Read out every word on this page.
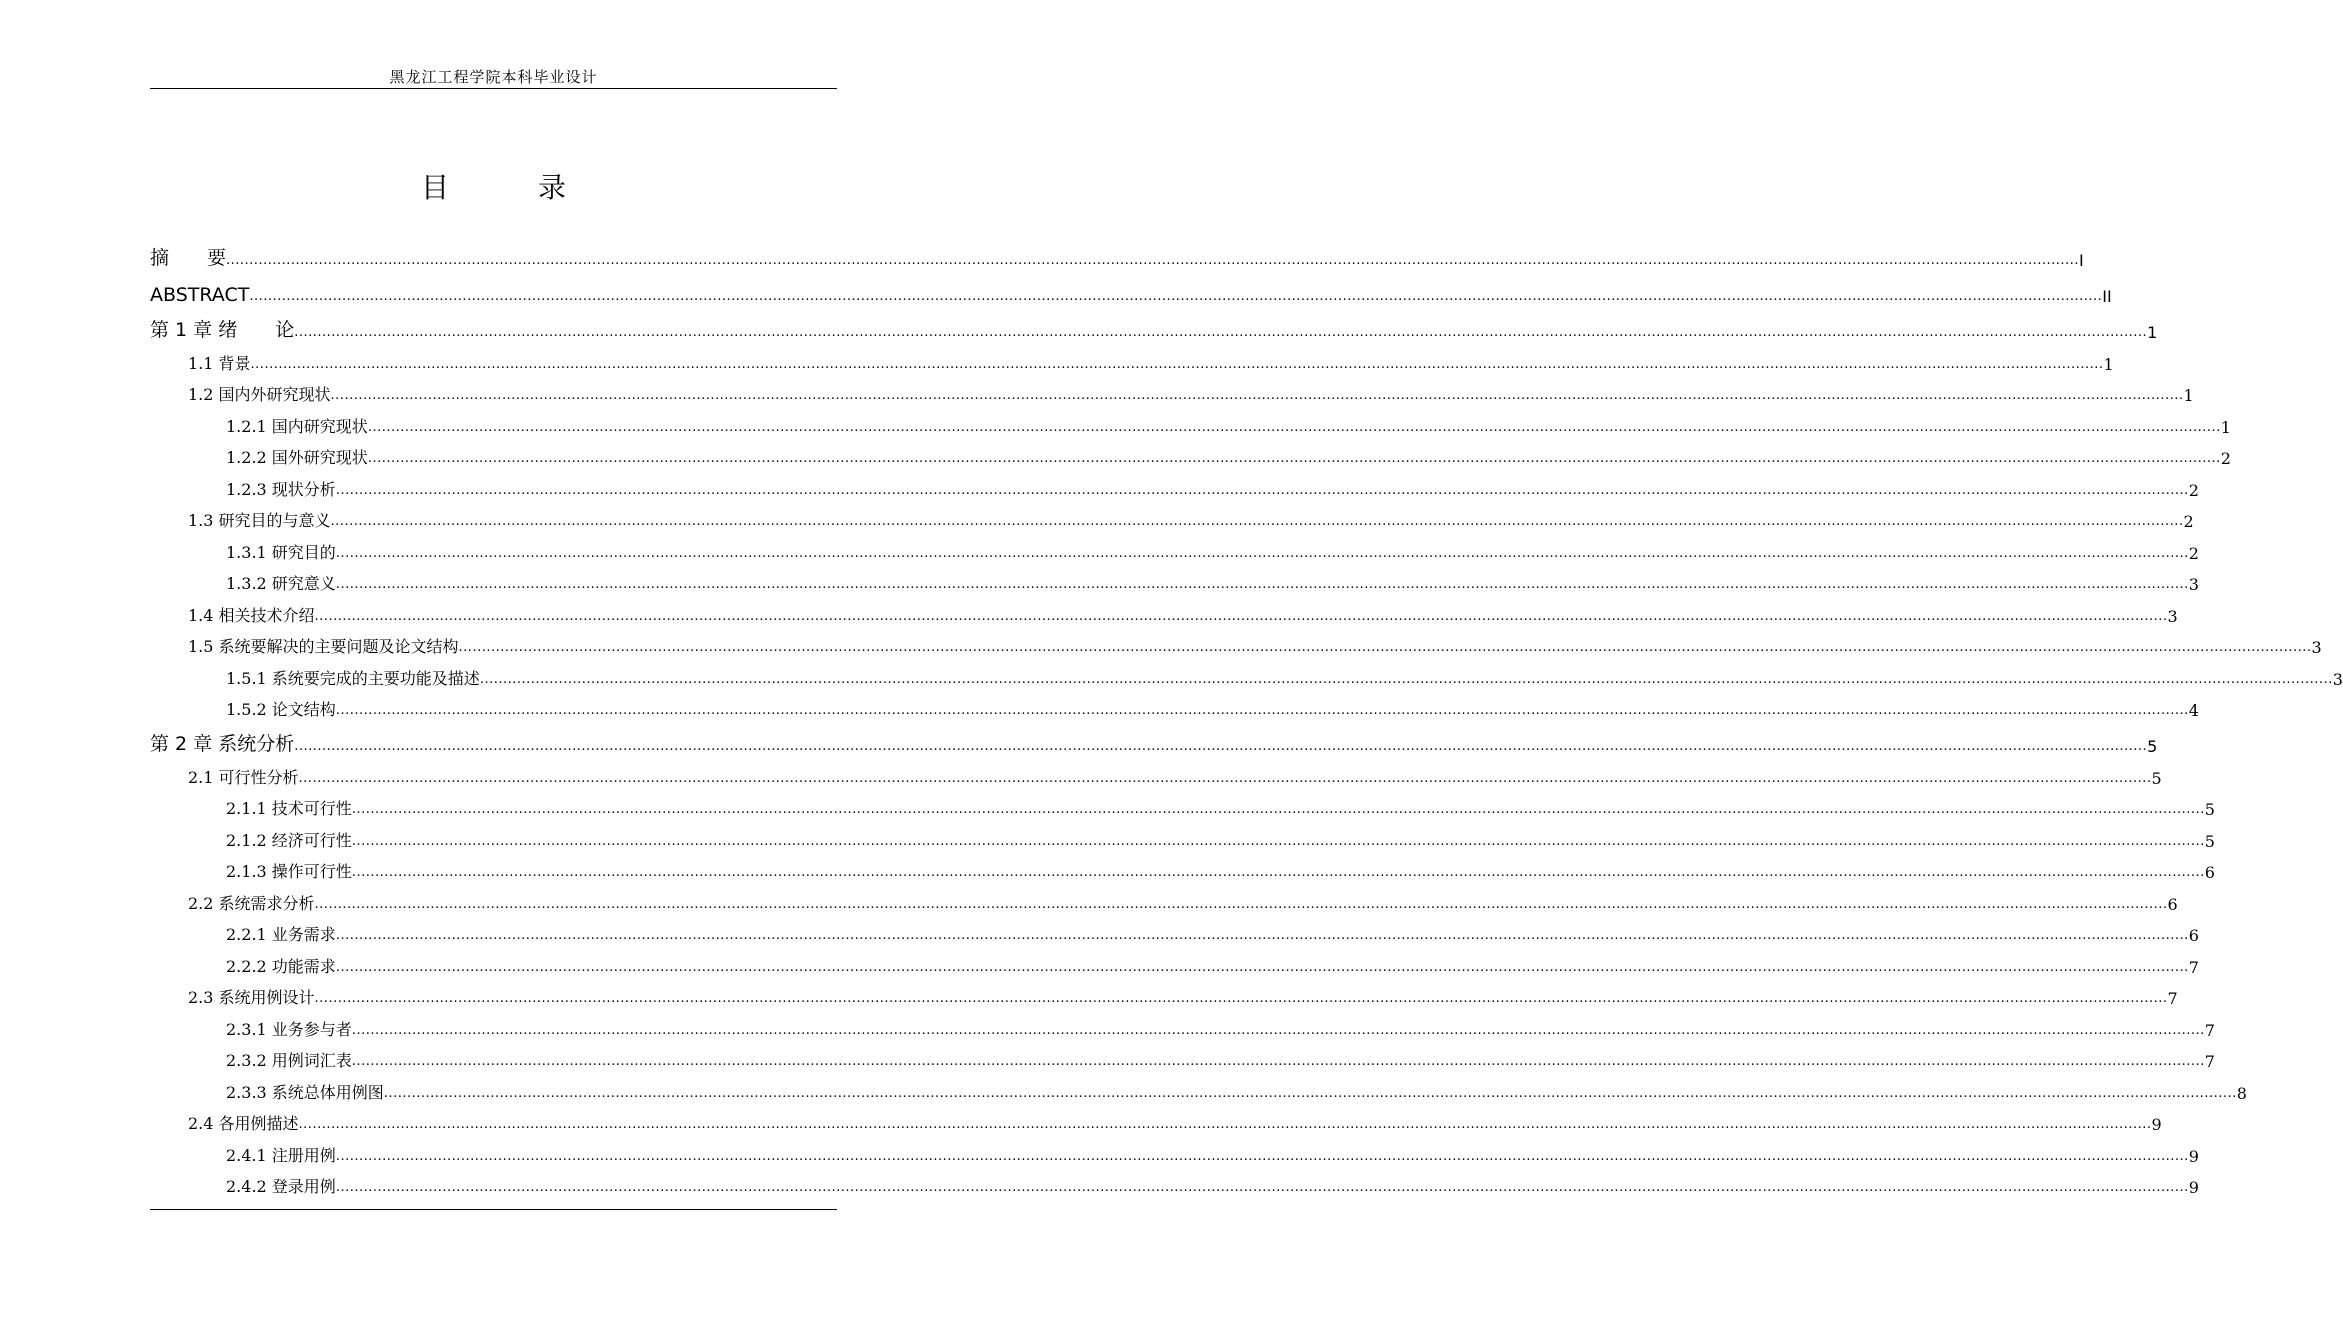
黑龙江工程学院本科毕业设计
目 录
摘　　要 ................................................................................................................................................................................................................................................................................................................................................................................................................ I
ABSTRACT ................................................................................................................................................................................................................................................................................................................................................................................................................ II
第 1 章 绪　　论 ................................................................................................................................................................................................................................................................................................................................................................................................................ 1
1.1 背景 ................................................................................................................................................................................................................................................................................................................................................................................................................ 1
1.2 国内外研究现状 ................................................................................................................................................................................................................................................................................................................................................................................................................ 1
1.2.1 国内研究现状 ................................................................................................................................................................................................................................................................................................................................................................................................................ 1
1.2.2 国外研究现状 ................................................................................................................................................................................................................................................................................................................................................................................................................ 2
1.2.3 现状分析 ................................................................................................................................................................................................................................................................................................................................................................................................................ 2
1.3 研究目的与意义 ................................................................................................................................................................................................................................................................................................................................................................................................................ 2
1.3.1 研究目的 ................................................................................................................................................................................................................................................................................................................................................................................................................ 2
1.3.2 研究意义 ................................................................................................................................................................................................................................................................................................................................................................................................................ 3
1.4 相关技术介绍 ................................................................................................................................................................................................................................................................................................................................................................................................................ 3
1.5 系统要解决的主要问题及论文结构 ................................................................................................................................................................................................................................................................................................................................................................................................................ 3
1.5.1 系统要完成的主要功能及描述 ................................................................................................................................................................................................................................................................................................................................................................................................................ 3
1.5.2 论文结构 ................................................................................................................................................................................................................................................................................................................................................................................................................ 4
第 2 章 系统分析 ................................................................................................................................................................................................................................................................................................................................................................................................................ 5
2.1 可行性分析 ................................................................................................................................................................................................................................................................................................................................................................................................................ 5
2.1.1 技术可行性 ................................................................................................................................................................................................................................................................................................................................................................................................................ 5
2.1.2 经济可行性 ................................................................................................................................................................................................................................................................................................................................................................................................................ 5
2.1.3 操作可行性 ................................................................................................................................................................................................................................................................................................................................................................................................................ 6
2.2 系统需求分析 ................................................................................................................................................................................................................................................................................................................................................................................................................ 6
2.2.1 业务需求 ................................................................................................................................................................................................................................................................................................................................................................................................................ 6
2.2.2 功能需求 ................................................................................................................................................................................................................................................................................................................................................................................................................ 7
2.3 系统用例设计 ................................................................................................................................................................................................................................................................................................................................................................................................................ 7
2.3.1 业务参与者 ................................................................................................................................................................................................................................................................................................................................................................................................................ 7
2.3.2 用例词汇表 ................................................................................................................................................................................................................................................................................................................................................................................................................ 7
2.3.3 系统总体用例图 ................................................................................................................................................................................................................................................................................................................................................................................................................ 8
2.4 各用例描述 ................................................................................................................................................................................................................................................................................................................................................................................................................ 9
2.4.1 注册用例 ................................................................................................................................................................................................................................................................................................................................................................................................................ 9
2.4.2 登录用例 ................................................................................................................................................................................................................................................................................................................................................................................................................ 9
